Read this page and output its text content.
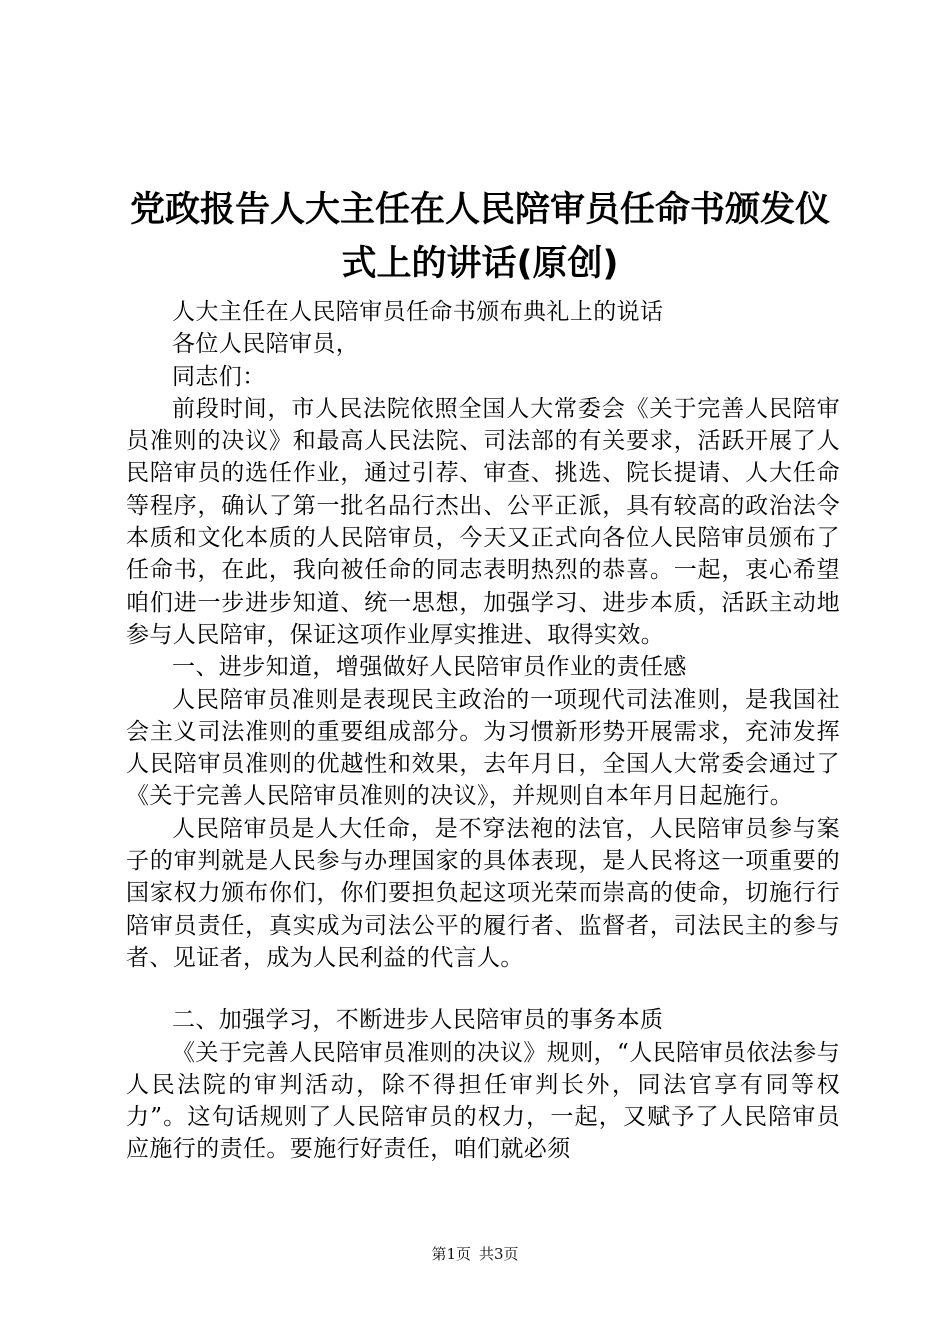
党政报告人大主任在人民陪审员任命书颁发仪
式上的讲话(原创)

人大主任在人民陪审员任命书颁布典礼上的说话

各位人民陪审员，

同志们：

前段时间，市人民法院依照全国人大常委会《关于完善人民陪审员准则的决议》和最高人民法院、司法部的有关要求，活跃开展了人民陪审员的选任作业，通过引荐、审查、挑选、院长提请、人大任命等程序，确认了第一批名品行杰出、公平正派，具有较高的政治法令本质和文化本质的人民陪审员，今天又正式向各位人民陪审员颁布了任命书，在此，我向被任命的同志表明热烈的恭喜。一起，衷心希望咱们进一步进步知道、统一思想，加强学习、进步本质，活跃主动地参与人民陪审，保证这项作业厚实推进、取得实效。

一、进步知道，增强做好人民陪审员作业的责任感

人民陪审员准则是表现民主政治的一项现代司法准则，是我国社会主义司法准则的重要组成部分。为习惯新形势开展需求，充沛发挥人民陪审员准则的优越性和效果，去年月日，全国人大常委会通过了《关于完善人民陪审员准则的决议》，并规则自本年月日起施行。

人民陪审员是人大任命，是不穿法袍的法官，人民陪审员参与案子的审判就是人民参与办理国家的具体表现，是人民将这一项重要的国家权力颁布你们，你们要担负起这项光荣而崇高的使命，切施行行陪审员责任，真实成为司法公平的履行者、监督者，司法民主的参与者、见证者，成为人民利益的代言人。

二、加强学习，不断进步人民陪审员的事务本质

《关于完善人民陪审员准则的决议》规则，“人民陪审员依法参与人民法院的审判活动，除不得担任审判长外，同法官享有同等权力”。这句话规则了人民陪审员的权力，一起，又赋予了人民陪审员应施行的责任。要施行好责任，咱们就必须

第1页 共3页
